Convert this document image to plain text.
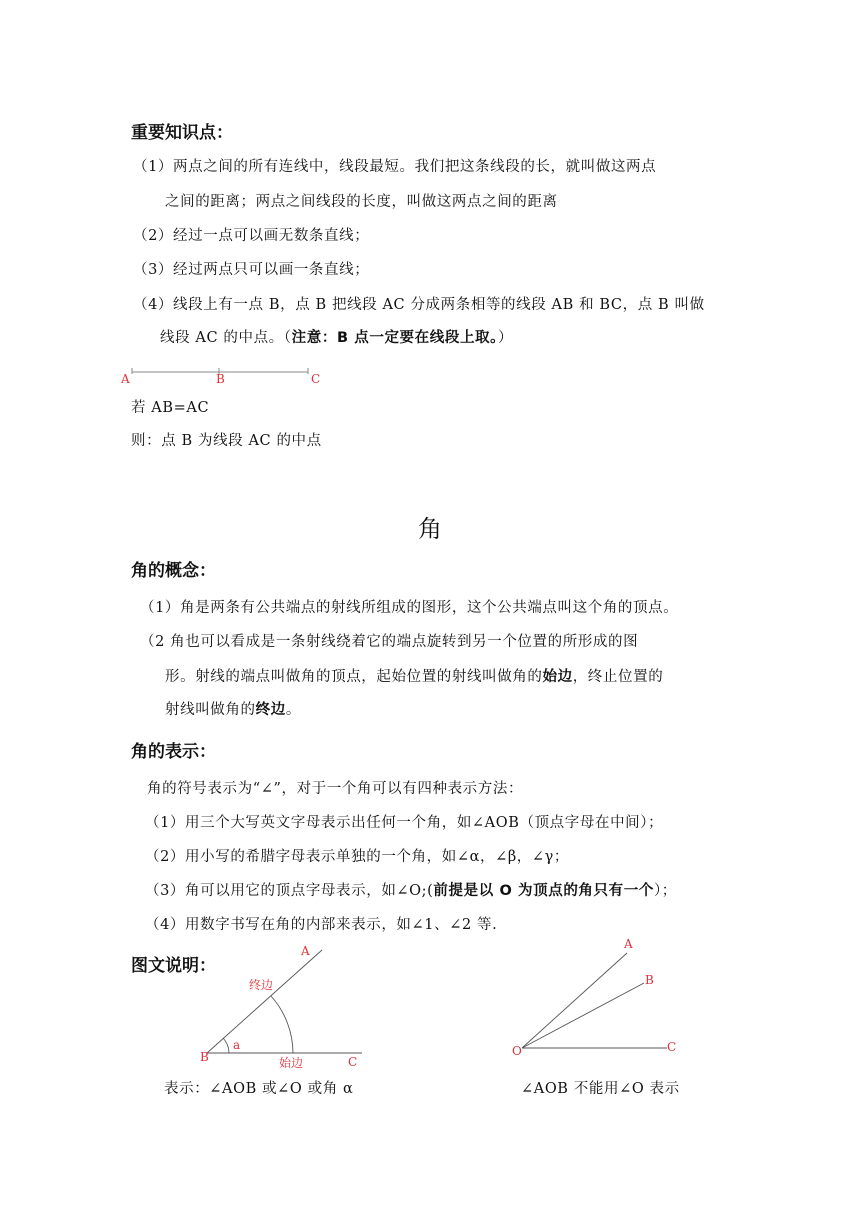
重要知识点：
（1）两点之间的所有连线中，线段最短。我们把这条线段的长，就叫做这两点
之间的距离；两点之间线段的长度，叫做这两点之间的距离
（2）经过一点可以画无数条直线；
（3）经过两点只可以画一条直线；
（4）线段上有一点 B，点 B 把线段 AC 分成两条相等的线段 AB 和 BC，点 B 叫做
线段 AC 的中点。（注意：B 点一定要在线段上取。）
A	B	C
若 AB=AC
则：点 B 为线段 AC 的中点
角
角的概念：
（1）角是两条有公共端点的射线所组成的图形，这个公共端点叫这个角的顶点。
（2 角也可以看成是一条射线绕着它的端点旋转到另一个位置的所形成的图
形。射线的端点叫做角的顶点，起始位置的射线叫做角的始边，终止位置的
射线叫做角的终边。
角的表示：
角的符号表示为“∠”，对于一个角可以有四种表示方法：
（1）用三个大写英文字母表示出任何一个角，如∠AOB（顶点字母在中间）；
（2）用小写的希腊字母表示单独的一个角，如∠α，∠β，∠γ；
（3）角可以用它的顶点字母表示，如∠O;(前提是以 O 为顶点的角只有一个）；
（4）用数字书写在角的内部来表示，如∠1、∠2 等.
图文说明：
A
终边
a
B	始边	C
表示：∠AOB 或∠O 或角 α
A
B
O	C
∠AOB 不能用∠O 表示
